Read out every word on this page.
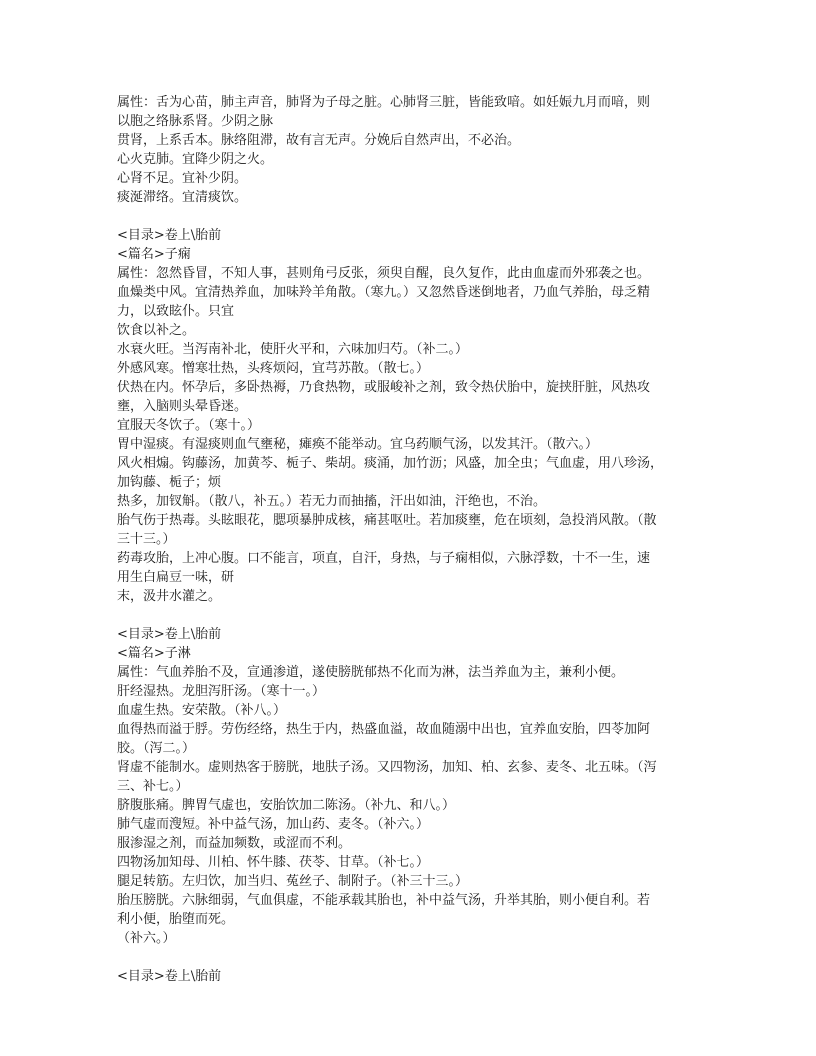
属性：舌为心苗，肺主声音，肺肾为子母之脏。心肺肾三脏，皆能致喑。如妊娠九月而喑，则
以胞之络脉系肾。少阴之脉
贯肾，上系舌本。脉络阻滞，故有言无声。分娩后自然声出，不必治。
心火克肺。宜降少阴之火。
心肾不足。宜补少阴。
痰涎滞络。宜清痰饮。
<目录>卷上\胎前
<篇名>子痫
属性：忽然昏冒，不知人事，甚则角弓反张，须臾自醒，良久复作，此由血虚而外邪袭之也。
血燥类中风。宜清热养血，加味羚羊角散。（寒九。）又忽然昏迷倒地者，乃血气养胎，母乏精
力，以致眩仆。只宜
饮食以补之。
水衰火旺。当泻南补北，使肝火平和，六味加归芍。（补二。）
外感风寒。憎寒壮热，头疼烦闷，宜芎苏散。（散七。）
伏热在内。怀孕后，多卧热褥，乃食热物，或服峻补之剂，致令热伏胎中，旋挟肝脏，风热攻
壅，入脑则头晕昏迷。
宜服天冬饮子。（寒十。）
胃中湿痰。有湿痰则血气壅秘，瘫痪不能举动。宜乌药顺气汤，以发其汗。（散六。）
风火相煽。钩藤汤，加黄芩、栀子、柴胡。痰涌，加竹沥；风盛，加全虫；气血虚，用八珍汤，
加钩藤、栀子；烦
热多，加钗斛。（散八，补五。）若无力而抽搐，汗出如油，汗绝也，不治。
胎气伤于热毒。头眩眼花，腮项暴肿成核，痛甚呕吐。若加痰壅，危在顷刻，急投消风散。（散
三十三。）
药毒攻胎，上冲心腹。口不能言，项直，自汗，身热，与子痫相似，六脉浮数，十不一生，速
用生白扁豆一味，研
末，汲井水灌之。
<目录>卷上\胎前
<篇名>子淋
属性：气血养胎不及，宣通渗道，遂使膀胱郁热不化而为淋，法当养血为主，兼利小便。
肝经湿热。龙胆泻肝汤。（寒十一。）
血虚生热。安荣散。（补八。）
血得热而溢于脬。劳伤经络，热生于内，热盛血溢，故血随溺中出也，宜养血安胎，四苓加阿
胶。（泻二。）
肾虚不能制水。虚则热客于膀胱，地肤子汤。又四物汤，加知、柏、玄参、麦冬、北五味。（泻
三、补七。）
脐腹胀痛。脾胃气虚也，安胎饮加二陈汤。（补九、和八。）
肺气虚而溲短。补中益气汤，加山药、麦冬。（补六。）
服渗湿之剂，而益加频数，或涩而不利。
四物汤加知母、川柏、怀牛膝、茯苓、甘草。（补七。）
腿足转筋。左归饮，加当归、菟丝子、制附子。（补三十三。）
胎压膀胱。六脉细弱，气血俱虚，不能承载其胎也，补中益气汤，升举其胎，则小便自利。若
利小便，胎堕而死。
（补六。）
<目录>卷上\胎前
